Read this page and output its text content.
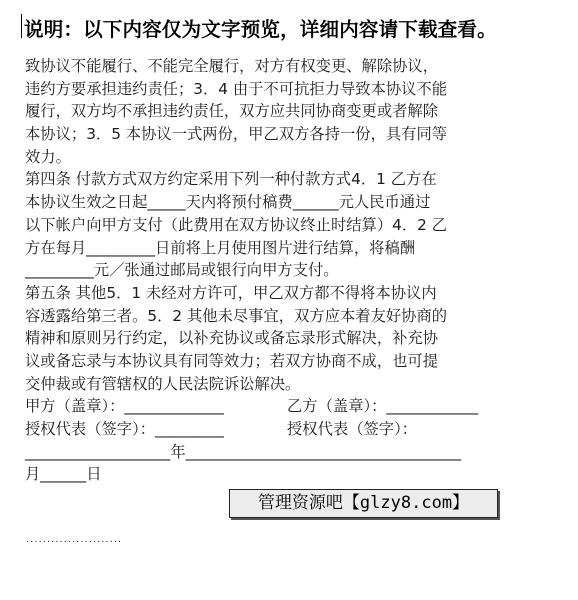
说明：以下内容仅为文字预览，详细内容请下载查看。
致协议不能履行、不能完全履行，对方有权变更、解除协议，
违约方要承担违约责任；3．4 由于不可抗拒力导致本协议不能
履行，双方均不承担违约责任，双方应共同协商变更或者解除
本协议；3．5 本协议一式两份，甲乙双方各持一份，具有同等
效力。
第四条 付款方式双方约定采用下列一种付款方式4．1 乙方在
本协议生效之日起_____天内将预付稿费______元人民币通过
以下帐户向甲方支付（此费用在双方协议终止时结算）4．2 乙
方在每月_________日前将上月使用图片进行结算，将稿酬
_________元／张通过邮局或银行向甲方支付。
第五条 其他5．1 未经对方许可，甲乙双方都不得将本协议内
容透露给第三者。5．2 其他未尽事宜，双方应本着友好协商的
精神和原则另行约定，以补充协议或备忘录形式解决，补充协
议或备忘录与本协议具有同等效力；若双方协商不成，也可提
交仲裁或有管辖权的人民法院诉讼解决。
甲方（盖章）：_____________	乙方（盖章）：____________
授权代表（签字）：_________	授权代表（签字）：
___________________年____________________________________
月______日
管理资源吧【glzy8.com】
·······················
